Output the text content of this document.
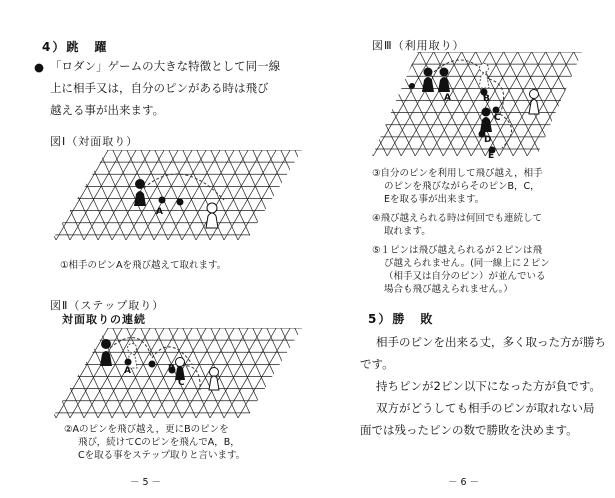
4）跳　躍
● 「ロダン」ゲームの大きな特徴として同一線
上に相手又は，自分のピンがある時は飛び
越える事が出来ます。
図Ⅰ（対面取り）
A
①相手のピンAを飛び越えて取れます。
図Ⅱ（ステップ取り）
対面取りの連続
A	B
C
②Aのピンを飛び越え，更にBのピンを
飛び，続けてCのピンを飛んでA，B，
Cを取る事をステップ取りと言います。
－ 5 －
図Ⅲ（利用取り）
A	B
C
D
E
③自分のピンを利用して飛び越え，相手
のピンを飛びながらそのピンB，C，
Eを取る事が出来ます。
④飛び越えられる時は何回でも連続して
取れます。
⑤１ピンは飛び越えられるが２ピンは飛
び越えられません。(同一線上に２ピン
（相手又は自分のピン）が並んでいる
場合も飛び越えられません。）
5）勝　敗
相手のピンを出来る丈，多く取った方が勝ち
です。
持ちピンが2ピン以下になった方が負です。
双方がどうしても相手のピンが取れない局
面では残ったピンの数で勝敗を決めます。
－ 6 －
